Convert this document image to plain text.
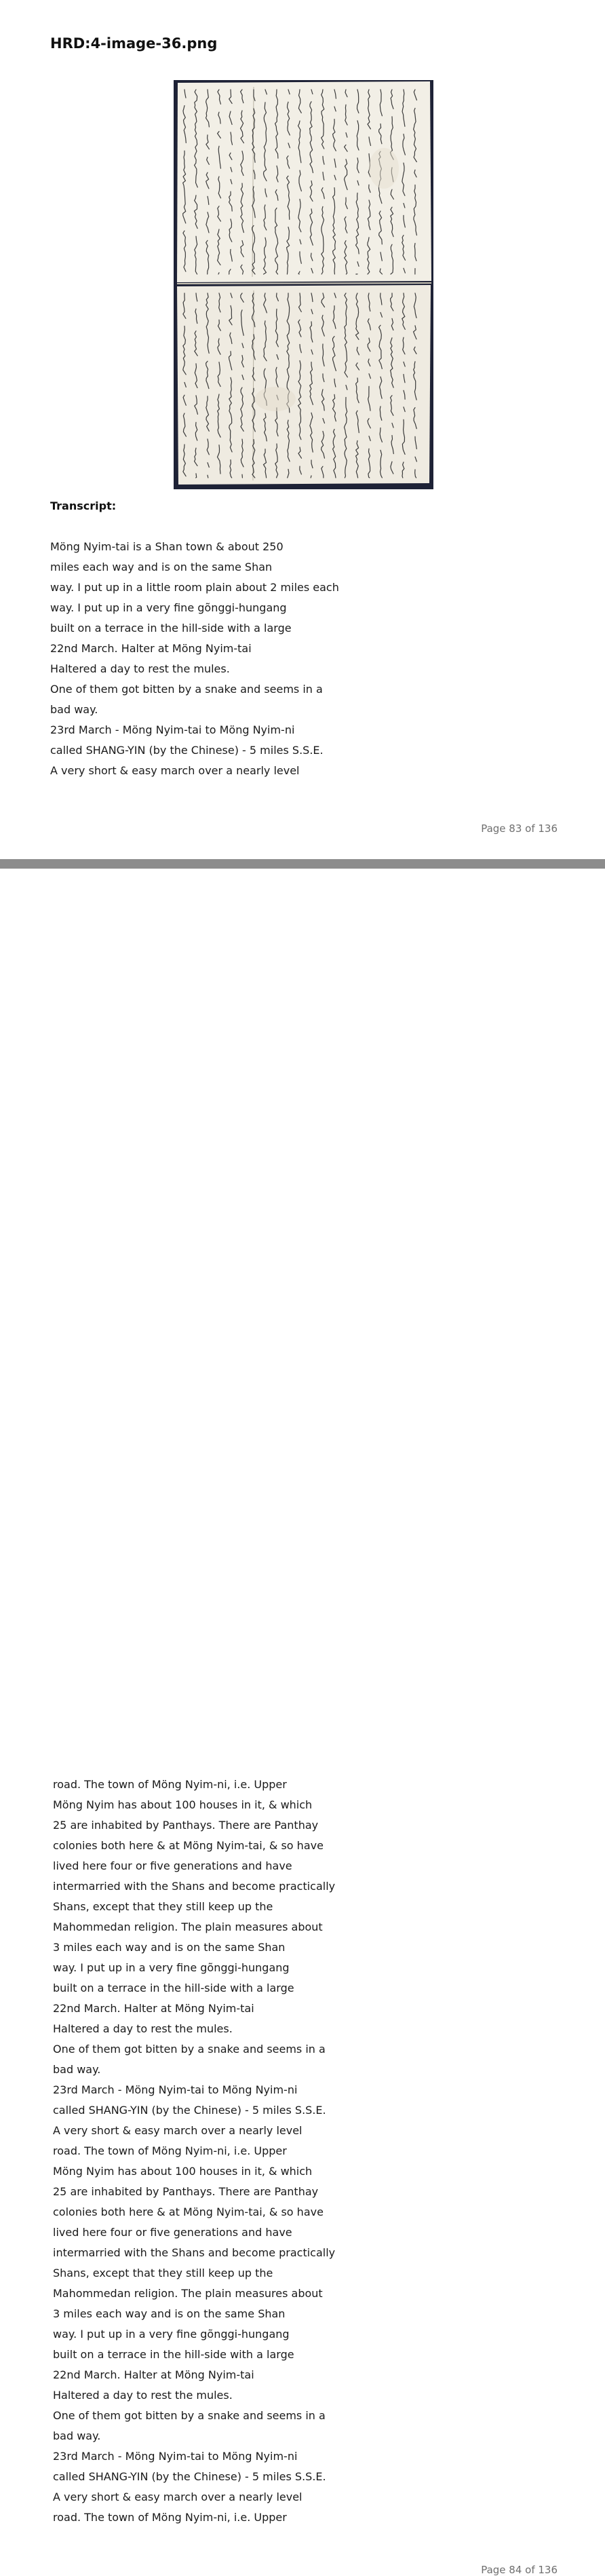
HRD:4-image-36.png
Transcript:
Möng Nyim-tai is a Shan town & about 250
miles each way and is on the same Shan
way. I put up in a little room plain about 2 miles each
way. I put up in a very fine gõnggi-hungang
built on a terrace in the hill-side with a large
22nd March. Halter at Möng Nyim-tai
Haltered a day to rest the mules.
One of them got bitten by a snake and seems in a
bad way.
23rd March - Möng Nyim-tai to Möng Nyim-ni
called SHANG-YIN (by the Chinese) - 5 miles S.S.E.
A very short & easy march over a nearly level
Page 83 of 136
road. The town of Möng Nyim-ni, i.e. Upper
Möng Nyim has about 100 houses in it, & which
25 are inhabited by Panthays. There are Panthay
colonies both here & at Möng Nyim-tai, & so have
lived here four or five generations and have
intermarried with the Shans and become practically
Shans, except that they still keep up the
Mahommedan religion. The plain measures about
3 miles each way and is on the same Shan
way. I put up in a very fine gõnggi-hungang
built on a terrace in the hill-side with a large
22nd March. Halter at Möng Nyim-tai
Haltered a day to rest the mules.
One of them got bitten by a snake and seems in a
bad way.
23rd March - Möng Nyim-tai to Möng Nyim-ni
called SHANG-YIN (by the Chinese) - 5 miles S.S.E.
A very short & easy march over a nearly level
road. The town of Möng Nyim-ni, i.e. Upper
Möng Nyim has about 100 houses in it, & which
25 are inhabited by Panthays. There are Panthay
colonies both here & at Möng Nyim-tai, & so have
lived here four or five generations and have
intermarried with the Shans and become practically
Shans, except that they still keep up the
Mahommedan religion. The plain measures about
3 miles each way and is on the same Shan
way. I put up in a very fine gõnggi-hungang
built on a terrace in the hill-side with a large
22nd March. Halter at Möng Nyim-tai
Haltered a day to rest the mules.
One of them got bitten by a snake and seems in a
bad way.
23rd March - Möng Nyim-tai to Möng Nyim-ni
called SHANG-YIN (by the Chinese) - 5 miles S.S.E.
A very short & easy march over a nearly level
road. The town of Möng Nyim-ni, i.e. Upper
Page 84 of 136
